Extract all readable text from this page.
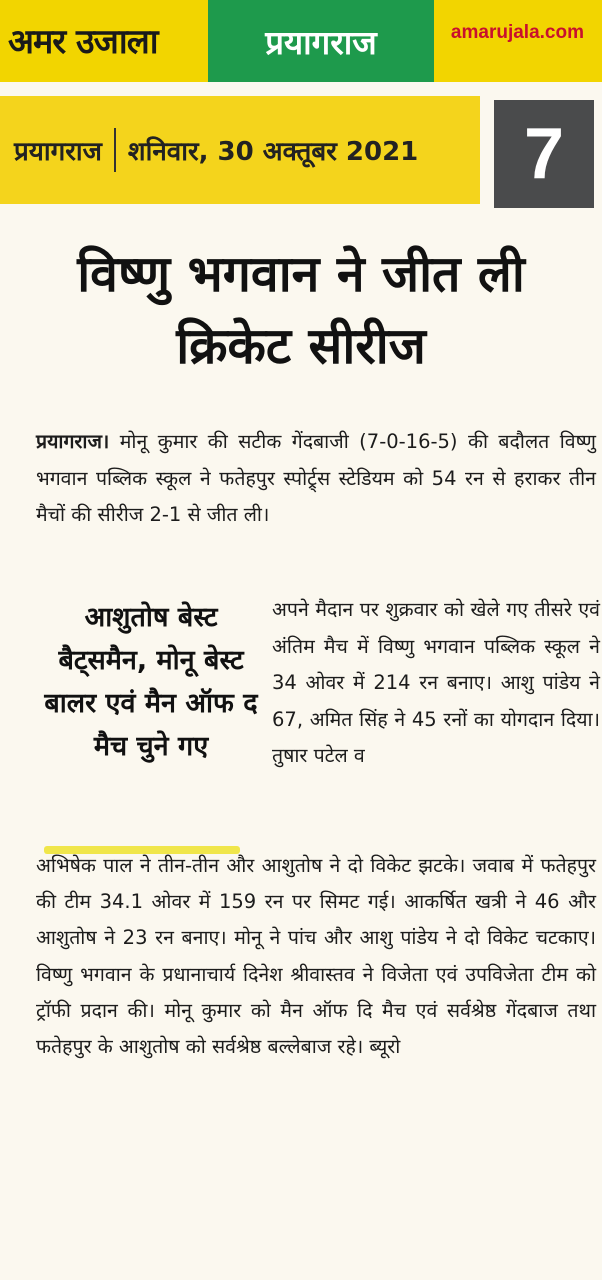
अमर उजाला	प्रयागराज	amarujala.com
प्रयागराज शनिवार, 30 अक्तूबर 2021 7
विष्णु भगवान ने जीत ली क्रिकेट सीरीज
प्रयागराज। मोनू कुमार की सटीक गेंदबाजी (7-0-16-5) की बदौलत विष्णु भगवान पब्लिक स्कूल ने फतेहपुर स्पोर्ट्र्स स्टेडियम को 54 रन से हराकर तीन मैचों की सीरीज 2-1 से जीत ली।
आशुतोष बेस्ट बैट्समैन, मोनू बेस्ट बालर एवं मैन ऑफ द मैच चुने गए
अपने मैदान पर शुक्रवार को खेले गए तीसरे एवं अंतिम मैच में विष्णु भगवान पब्लिक स्कूल ने 34 ओवर में 214 रन बनाए। आशु पांडेय ने 67, अमित सिंह ने 45 रनों का योगदान दिया। तुषार पटेल व
अभिषेक पाल ने तीन-तीन और आशुतोष ने दो विकेट झटके। जवाब में फतेहपुर की टीम 34.1 ओवर में 159 रन पर सिमट गई। आकर्षित खत्री ने 46 और आशुतोष ने 23 रन बनाए। मोनू ने पांच और आशु पांडेय ने दो विकेट चटकाए। विष्णु भगवान के प्रधानाचार्य दिनेश श्रीवास्तव ने विजेता एवं उपविजेता टीम को ट्रॉफी प्रदान की। मोनू कुमार को मैन ऑफ दि मैच एवं सर्वश्रेष्ठ गेंदबाज तथा फतेहपुर के आशुतोष को सर्वश्रेष्ठ बल्लेबाज रहे। ब्यूरो
